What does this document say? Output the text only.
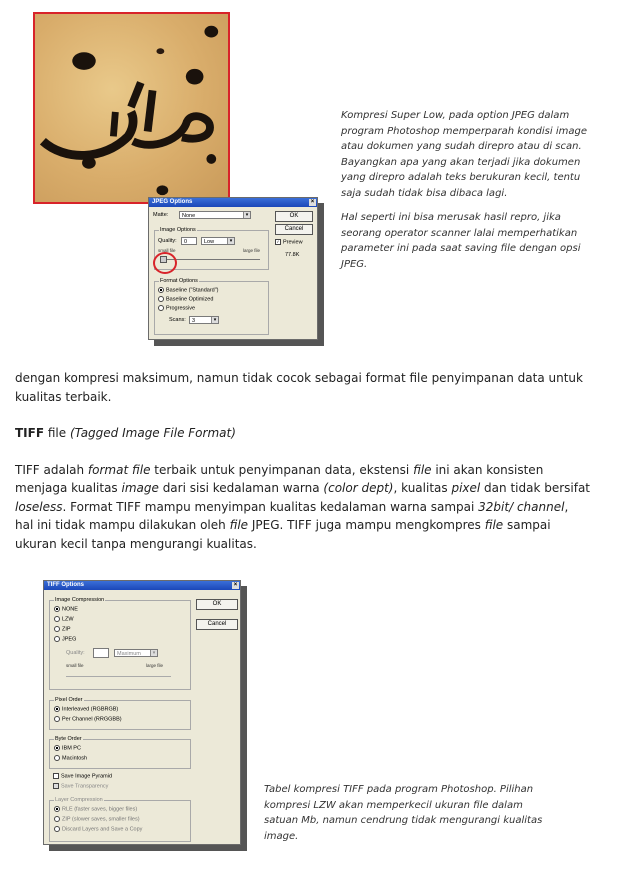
JPEG Options	×
Matte:	None	▾	OK
Cancel
✓ Preview
77.8K
Image Options
Quality:	0	Low	▾
small file	large file
Format Options
Baseline ("Standard")
Baseline Optimized
Progressive
Scans:	3	▾

Kompresi Super Low, pada option JPEG dalam program Photoshop memperparah kondisi image atau dokumen yang sudah direpro atau di scan. Bayangkan apa yang akan terjadi jika dokumen yang direpro adalah teks berukuran kecil, tentu saja sudah tidak bisa dibaca lagi.

Hal seperti ini bisa merusak hasil repro, jika seorang operator scanner lalai memperhatikan parameter ini pada saat saving file dengan opsi JPEG.

dengan kompresi maksimum, namun tidak cocok sebagai format file penyimpanan data untuk kualitas terbaik.

TIFF file (Tagged Image File Format)

TIFF adalah format file terbaik untuk penyimpanan data, ekstensi file ini akan konsisten menjaga kualitas image dari sisi kedalaman warna (color dept), kualitas pixel dan tidak bersifat loseless. Format TIFF mampu menyimpan kualitas kedalaman warna sampai 32bit/ channel, hal ini tidak mampu dilakukan oleh file JPEG. TIFF juga mampu mengkompres file sampai ukuran kecil tanpa mengurangi kualitas.

TIFF Options	×
OK
Cancel
Image Compression
NONE
LZW
ZIP
JPEG
Quality:	Maximum	▾
small file	large file
Pixel Order
Interleaved (RGBRGB)
Per Channel (RRGGBB)
Byte Order
IBM PC
Macintosh
Save Image Pyramid
Save Transparency
Layer Compression
RLE (faster saves, bigger files)
ZIP (slower saves, smaller files)
Discard Layers and Save a Copy

Tabel kompresi TIFF pada program Photoshop. Pilihan kompresi LZW akan memperkecil ukuran file dalam satuan Mb, namun cendrung tidak mengurangi kualitas image.
